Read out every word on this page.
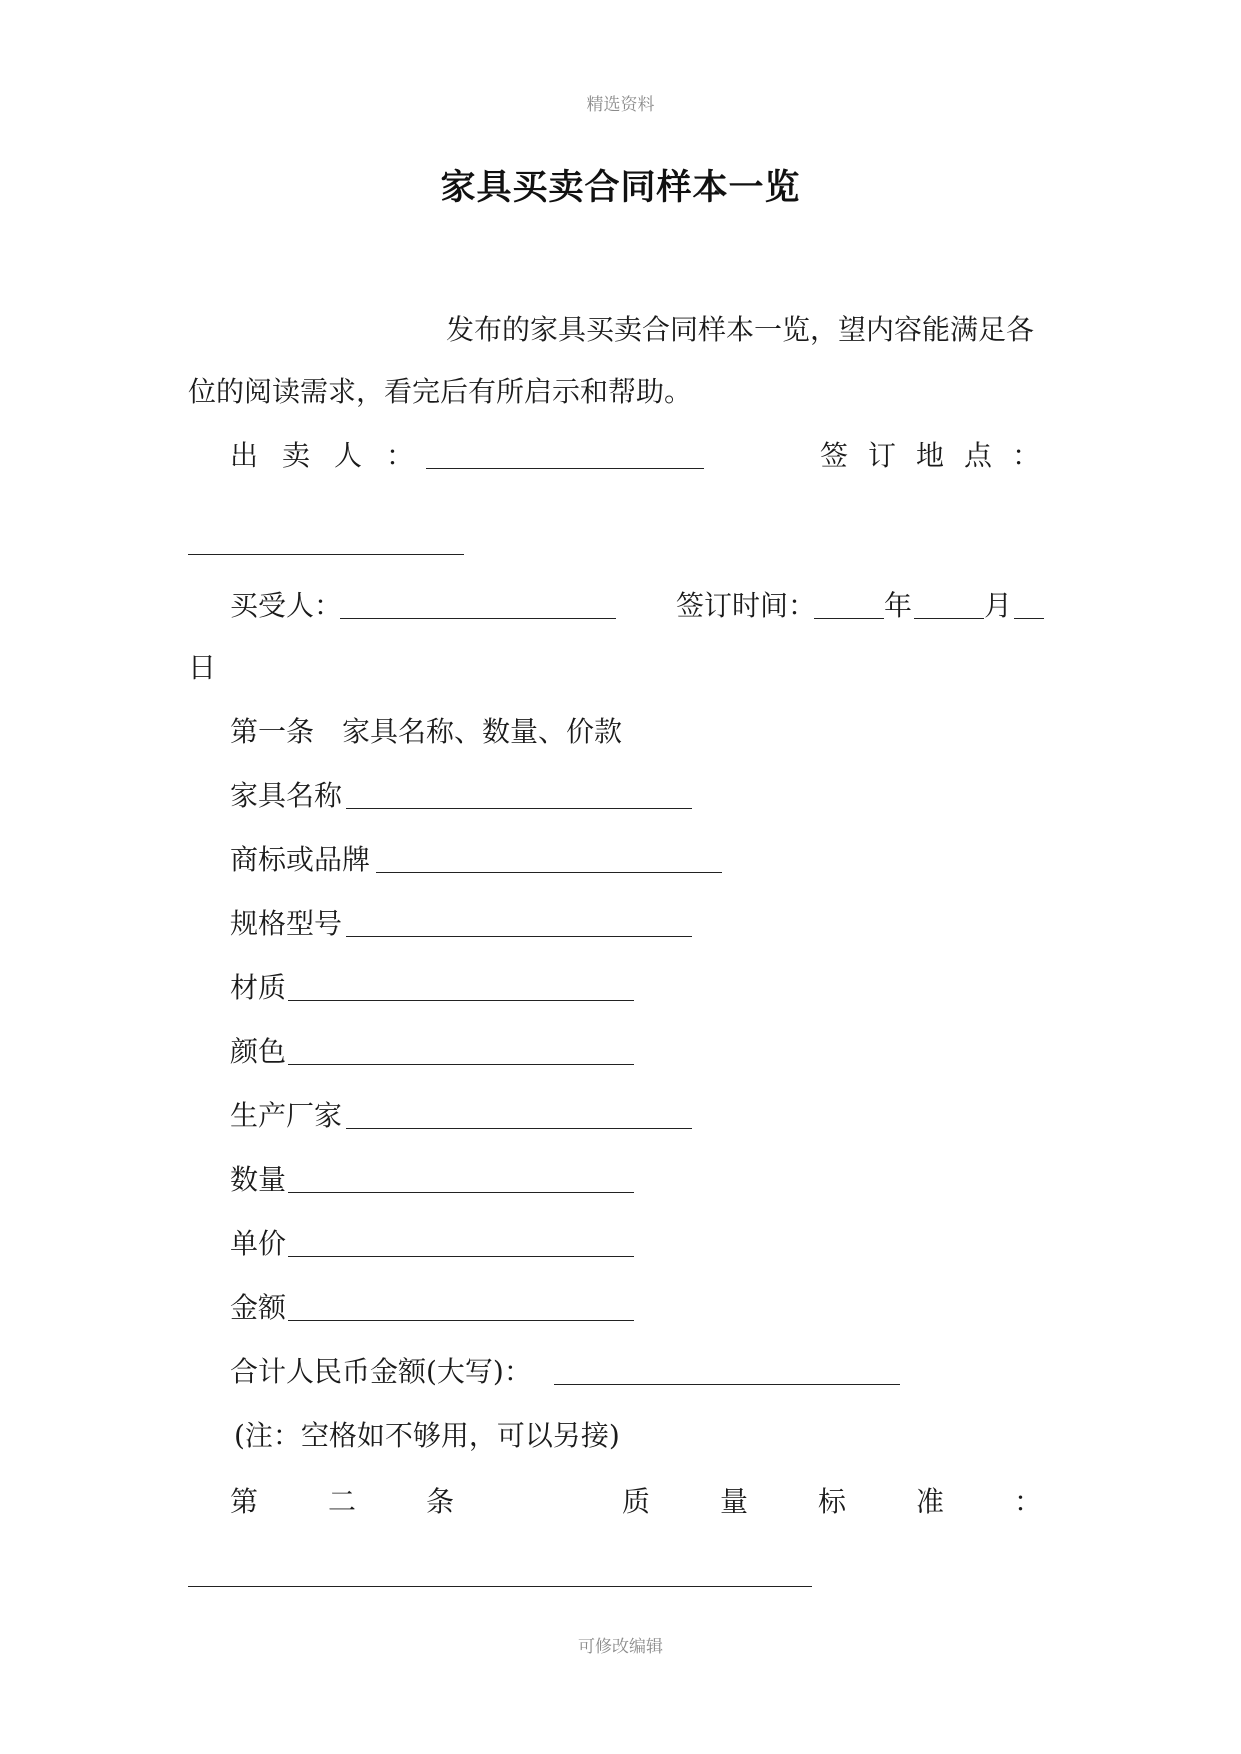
精选资料
家具买卖合同样本一览
发布的家具买卖合同样本一览，望内容能满足各
位的阅读需求，看完后有所启示和帮助。
出 卖 人 ：	签 订 地 点 ：
买受人：	签订时间： 年	月
日
第一条　家具名称、数量、价款
家具名称
商标或品牌
规格型号
材质
颜色
生产厂家
数量
单价
金额
合计人民币金额(大写)：
(注：空格如不够用，可以另接)
第 二 条	质 量 标 准 ：
可修改编辑
